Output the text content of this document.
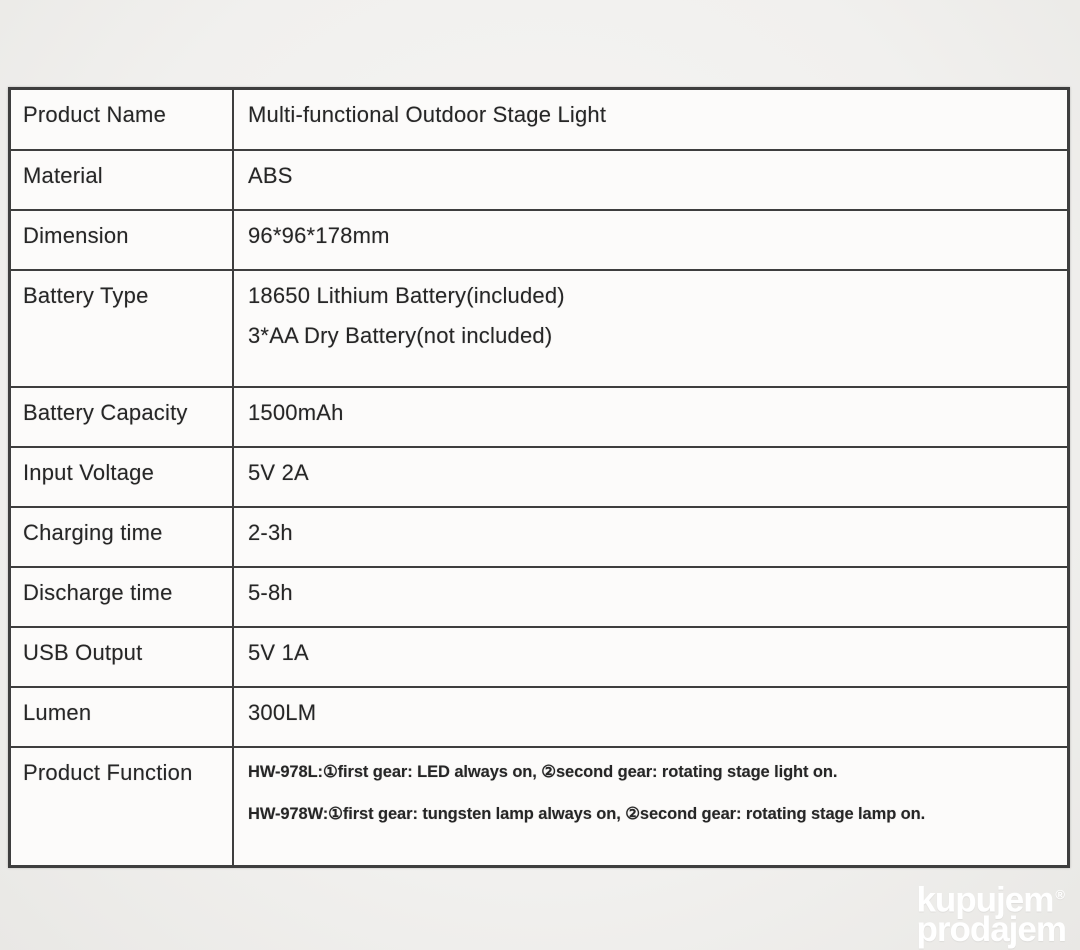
Product Name	Multi-functional Outdoor Stage Light
Material	ABS
Dimension	96*96*178mm
Battery Type	18650 Lithium Battery(included)
3*AA Dry Battery(not included)
Battery Capacity	1500mAh
Input Voltage	5V 2A
Charging time	2-3h
Discharge time	5-8h
USB Output	5V 1A
Lumen	300LM
Product Function	HW-978L:①first gear: LED always on, ②second gear: rotating stage light on.
HW-978W:①first gear: tungsten lamp always on, ②second gear: rotating stage lamp on.
kupujem ®
prodajem
